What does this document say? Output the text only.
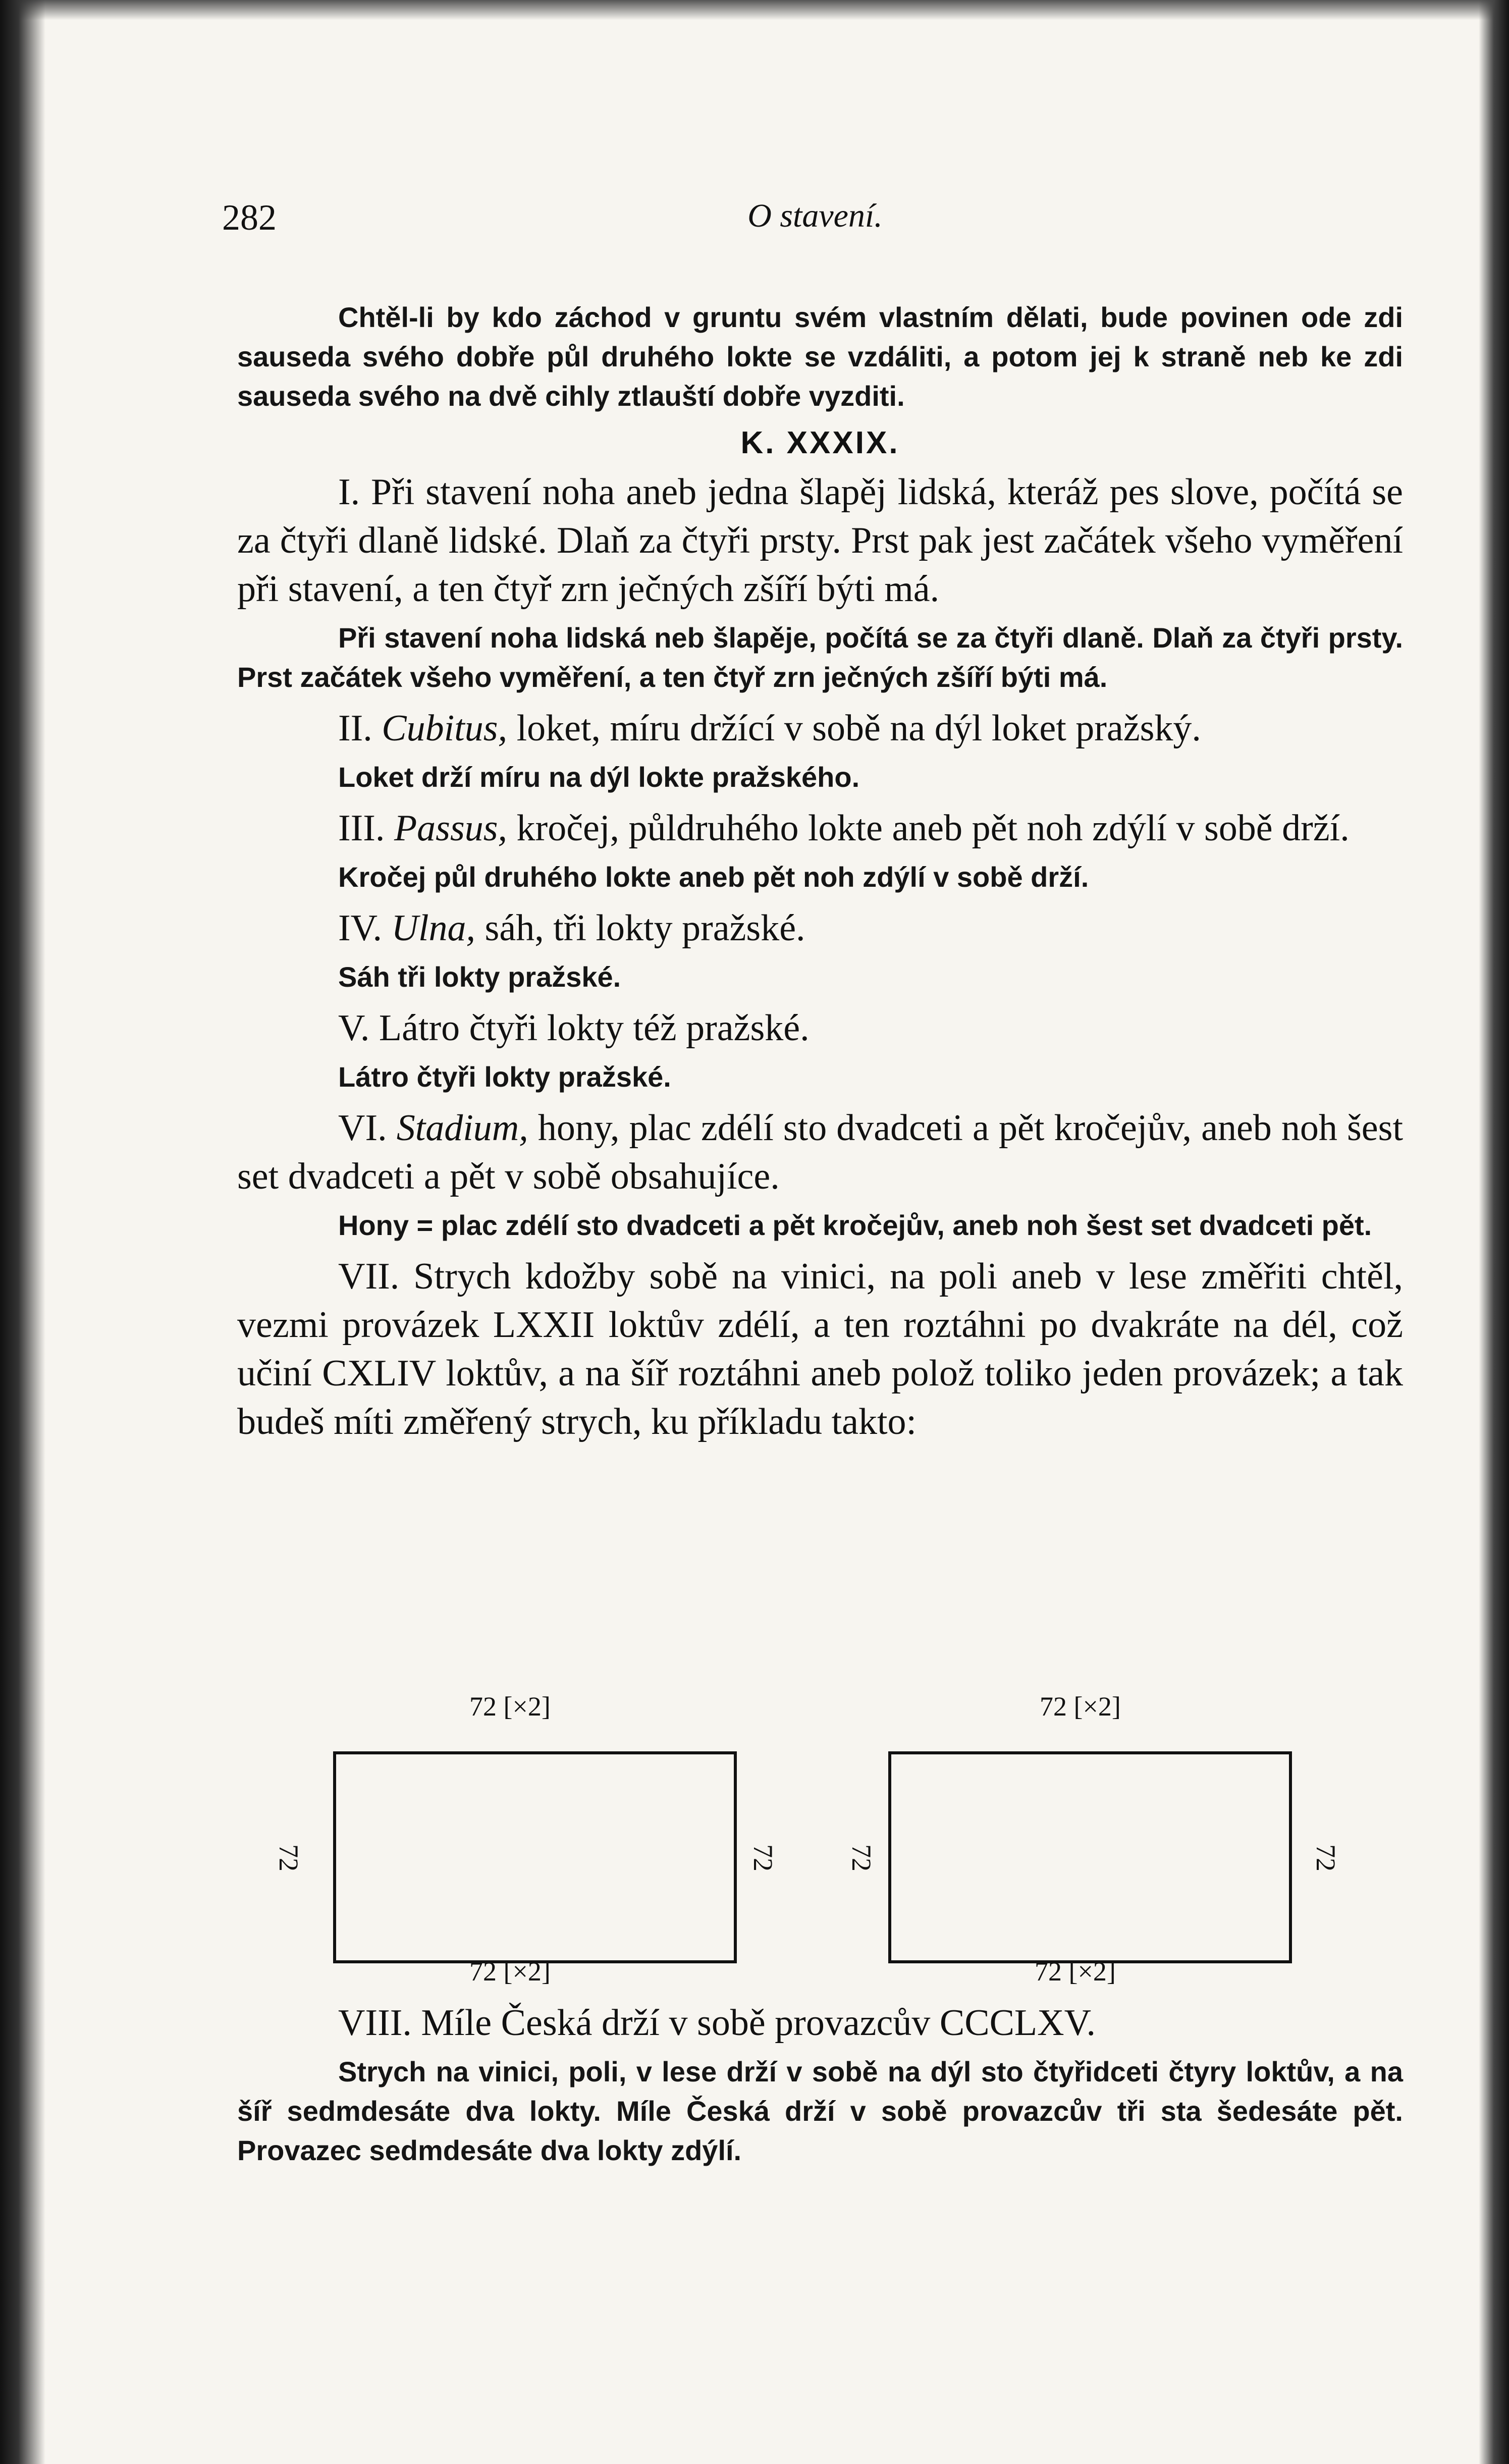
282	O stavení.

Chtěl-li by kdo záchod v gruntu svém vlastním dělati, bude povinen ode zdi sauseda svého dobře půl druhého lokte se vzdáliti, a potom jej k straně neb ke zdi sauseda svého na dvě cihly ztlauští dobře vyzditi.

K. XXXIX.

I. Při stavení noha aneb jedna šlapěj lidská, kteráž pes slove, počítá se za čtyři dlaně lidské. Dlaň za čtyři prsty. Prst pak jest začátek všeho vyměření při stavení, a ten čtyř zrn ječných zšíří býti má.

Při stavení noha lidská neb šlapěje, počítá se za čtyři dlaně. Dlaň za čtyři prsty. Prst začátek všeho vyměření, a ten čtyř zrn ječných zšíří býti má.

II. Cubitus, loket, míru držící v sobě na dýl loket pražský.

Loket drží míru na dýl lokte pražského.

III. Passus, kročej, půldruhého lokte aneb pět noh zdýlí v sobě drží.

Kročej půl druhého lokte aneb pět noh zdýlí v sobě drží.

IV. Ulna, sáh, tři lokty pražské.

Sáh tři lokty pražské.

V. Látro čtyři lokty též pražské.

Látro čtyři lokty pražské.

VI. Stadium, hony, plac zdélí sto dvadceti a pět kročejův, aneb noh šest set dvadceti a pět v sobě obsahujíce.

Hony = plac zdélí sto dvadceti a pět kročejův, aneb noh šest set dvadceti pět.

VII. Strych kdožby sobě na vinici, na poli aneb v lese změřiti chtěl, vezmi provázek LXXII loktův zdélí, a ten roztáhni po dvakráte na dél, což učiní CXLIV loktův, a na šíř roztáhni aneb polož toliko jeden provázek; a tak budeš míti změřený strych, ku příkladu takto:

72 [×2]	72 [×2]
72	72	72	72
72 [×2]	72 [×2]

VIII. Míle Česká drží v sobě provazcův CCCLXV.

Strych na vinici, poli, v lese drží v sobě na dýl sto čtyřidceti čtyry loktův, a na šíř sedmdesáte dva lokty. Míle Česká drží v sobě provazcův tři sta šedesáte pět. Provazec sedmdesáte dva lokty zdýlí.
